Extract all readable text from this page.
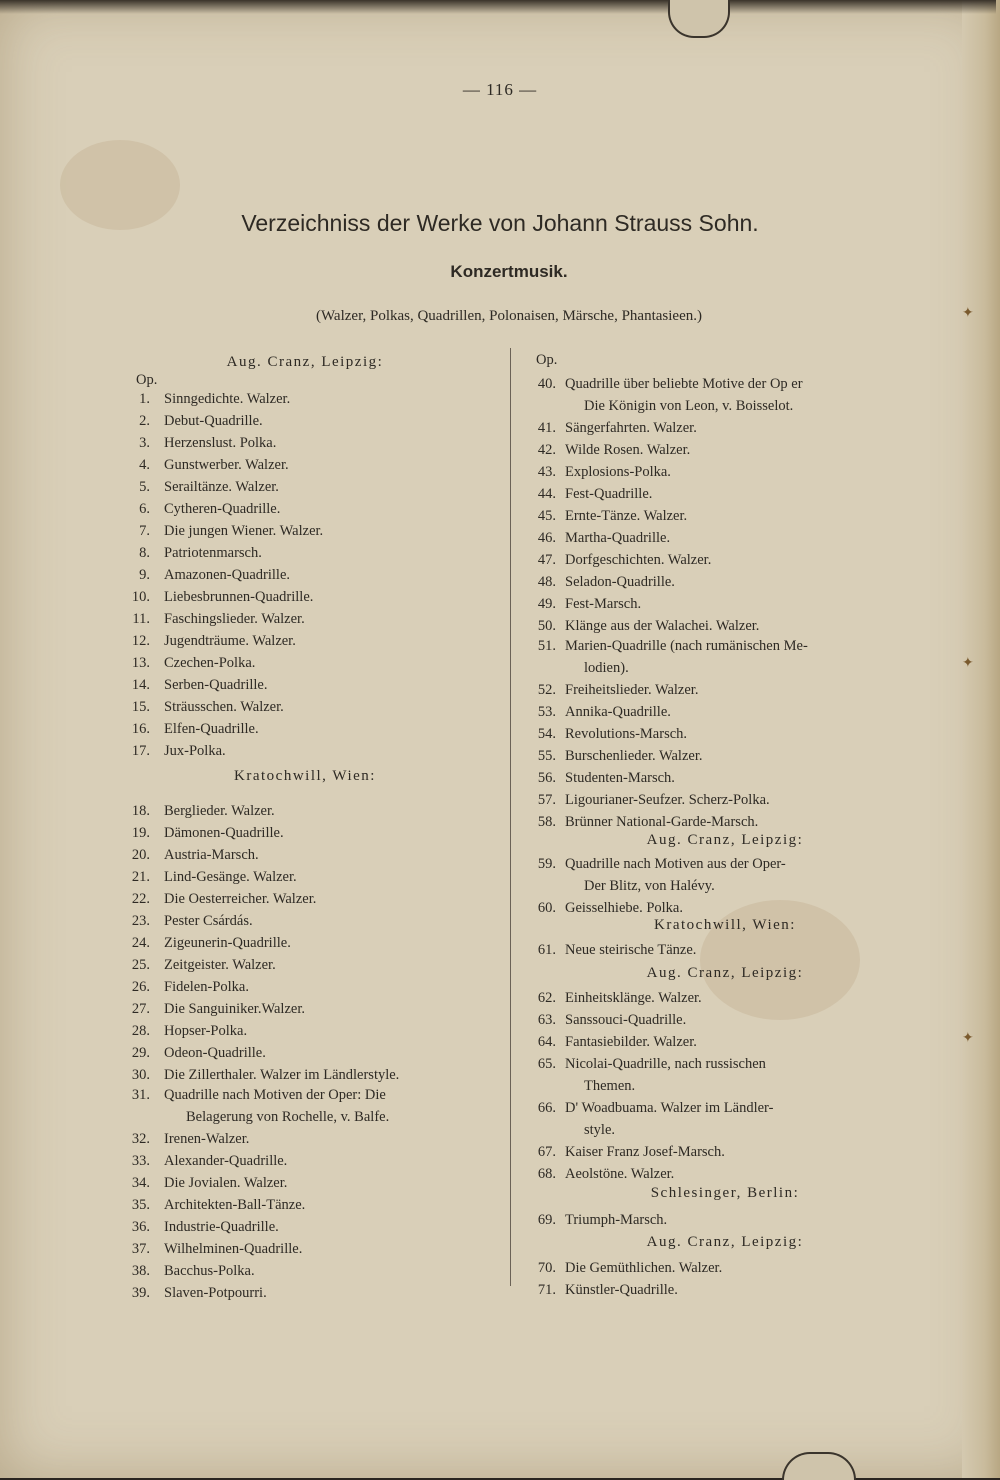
✦
✦
✦
— 116 —
Verzeichniss der Werke von Johann Strauss Sohn.
Konzertmusik.
(Walzer, Polkas, Quadrillen, Polonaisen, Märsche, Phantasieen.)
Aug. Cranz, Leipzig:
Op.
Kratochwill, Wien:
1. Sinngedichte. Walzer.
2. Debut-Quadrille.
3. Herzenslust. Polka.
4. Gunstwerber. Walzer.
5. Serailtänze. Walzer.
6. Cytheren-Quadrille.
7. Die jungen Wiener. Walzer.
8. Patriotenmarsch.
9. Amazonen-Quadrille.
10. Liebesbrunnen-Quadrille.
11. Faschingslieder. Walzer.
12. Jugendträume. Walzer.
13. Czechen-Polka.
14. Serben-Quadrille.
15. Sträusschen. Walzer.
16. Elfen-Quadrille.
17. Jux-Polka.
18. Berglieder. Walzer.
19. Dämonen-Quadrille.
20. Austria-Marsch.
21. Lind-Gesänge. Walzer.
22. Die Oesterreicher. Walzer.
23. Pester Csárdás.
24. Zigeunerin-Quadrille.
25. Zeitgeister. Walzer.
26. Fidelen-Polka.
27. Die Sanguiniker.Walzer.
28. Hopser-Polka.
29. Odeon-Quadrille.
30. Die Zillerthaler. Walzer im Ländlerstyle.
31. Quadrille nach Motiven der Oper: Die
Belagerung von Rochelle, v. Balfe.
32. Irenen-Walzer.
33. Alexander-Quadrille.
34. Die Jovialen. Walzer.
35. Architekten-Ball-Tänze.
36. Industrie-Quadrille.
37. Wilhelminen-Quadrille.
38. Bacchus-Polka.
39. Slaven-Potpourri.
Op.
Aug. Cranz, Leipzig:
Kratochwill, Wien:
Aug. Cranz, Leipzig:
Schlesinger, Berlin:
Aug. Cranz, Leipzig:
40. Quadrille über beliebte Motive der Op er
Die Königin von Leon, v. Boisselot.
41. Sängerfahrten. Walzer.
42. Wilde Rosen. Walzer.
43. Explosions-Polka.
44. Fest-Quadrille.
45. Ernte-Tänze. Walzer.
46. Martha-Quadrille.
47. Dorfgeschichten. Walzer.
48. Seladon-Quadrille.
49. Fest-Marsch.
50. Klänge aus der Walachei. Walzer.
51. Marien-Quadrille (nach rumänischen Me-
lodien).
52. Freiheitslieder. Walzer.
53. Annika-Quadrille.
54. Revolutions-Marsch.
55. Burschenlieder. Walzer.
56. Studenten-Marsch.
57. Ligourianer-Seufzer. Scherz-Polka.
58. Brünner National-Garde-Marsch.
59. Quadrille nach Motiven aus der Oper-
Der Blitz, von Halévy.
60. Geisselhiebe. Polka.
61. Neue steirische Tänze.
62. Einheitsklänge. Walzer.
63. Sanssouci-Quadrille.
64. Fantasiebilder. Walzer.
65. Nicolai-Quadrille, nach russischen
Themen.
66. D' Woadbuama. Walzer im Ländler-
style.
67. Kaiser Franz Josef-Marsch.
68. Aeolstöne. Walzer.
69. Triumph-Marsch.
70. Die Gemüthlichen. Walzer.
71. Künstler-Quadrille.
